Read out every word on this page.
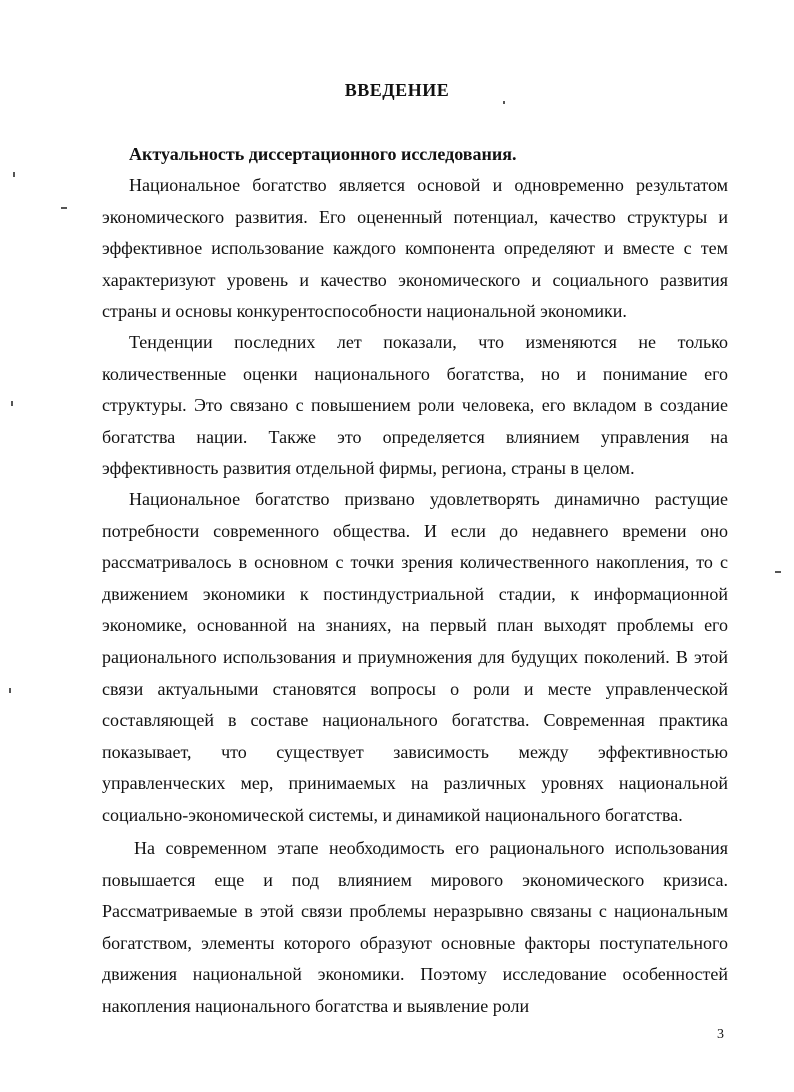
ВВЕДЕНИЕ
Актуальность диссертационного исследования.
Национальное богатство является основой и одновременно результатом экономического развития. Его оцененный потенциал, качество структуры и эффективное использование каждого компонента определяют и вместе с тем характеризуют уровень и качество экономического и социального развития страны и основы конкурентоспособности национальной экономики.
Тенденции последних лет показали, что изменяются не только количественные оценки национального богатства, но и понимание его структуры. Это связано с повышением роли человека, его вкладом в создание богатства нации. Также это определяется влиянием управления на эффективность развития отдельной фирмы, региона, страны в целом.
Национальное богатство призвано удовлетворять динамично растущие потребности современного общества. И если до недавнего времени оно рассматривалось в основном с точки зрения количественного накопления, то с движением экономики к постиндустриальной стадии, к информационной экономике, основанной на знаниях, на первый план выходят проблемы его рационального использования и приумножения для будущих поколений. В этой связи актуальными становятся вопросы о роли и месте управленческой составляющей в составе национального богатства. Современная практика показывает, что существует зависимость между эффективностью управленческих мер, принимаемых на различных уровнях национальной социально-экономической системы, и динамикой национального богатства.
На современном этапе необходимость его рационального использования повышается еще и под влиянием мирового экономического кризиса. Рассматриваемые в этой связи проблемы неразрывно связаны с национальным богатством, элементы которого образуют основные факторы поступательного движения национальной экономики. Поэтому исследование особенностей накопления национального богатства и выявление роли
3
